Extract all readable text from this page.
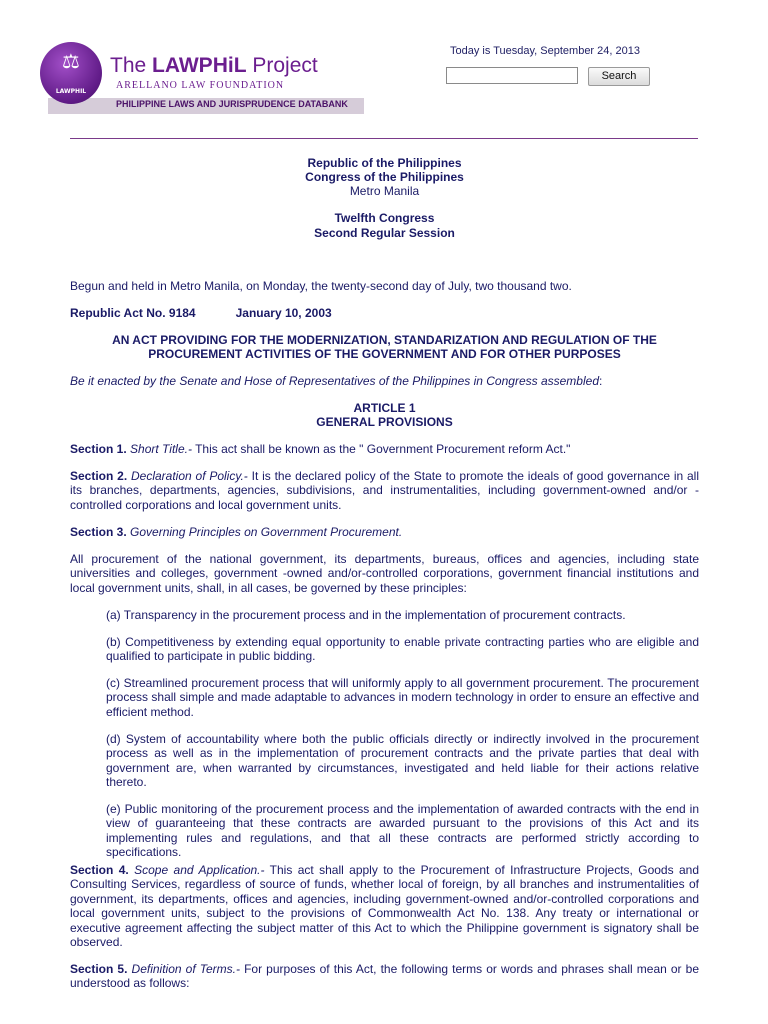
⚖
LAWPHIL
The LAWPHiL Project
ARELLANO LAW FOUNDATION
PHILIPPINE LAWS AND JURISPRUDENCE DATABANK
Today is Tuesday, September 24, 2013
Search

Republic of the Philippines

Congress of the Philippines

Metro Manila

Twelfth Congress

Second Regular Session

Begun and held in Metro Manila, on Monday, the twenty-second day of July, two thousand two.

Republic Act No. 9184	January 10, 2003

AN ACT PROVIDING FOR THE MODERNIZATION, STANDARIZATION AND REGULATION OF THE

PROCUREMENT ACTIVITIES OF THE GOVERNMENT AND FOR OTHER PURPOSES

Be it enacted by the Senate and Hose of Representatives of the Philippines in Congress assembled:

ARTICLE 1

GENERAL PROVISIONS

Section 1. Short Title.- This act shall be known as the " Government Procurement reform Act."

Section 2. Declaration of Policy.- It is the declared policy of the State to promote the ideals of good governance in all its branches, departments, agencies, subdivisions, and instrumentalities, including government-owned and/or -controlled corporations and local government units.

Section 3. Governing Principles on Government Procurement.

All procurement of the national government, its departments, bureaus, offices and agencies, including state universities and colleges, government -owned and/or-controlled corporations, government financial institutions and local government units, shall, in all cases, be governed by these principles:

(a) Transparency in the procurement process and in the implementation of procurement contracts.

(b) Competitiveness by extending equal opportunity to enable private contracting parties who are eligible and qualified to participate in public bidding.

(c) Streamlined procurement process that will uniformly apply to all government procurement. The procurement process shall simple and made adaptable to advances in modern technology in order to ensure an effective and efficient method.

(d) System of accountability where both the public officials directly or indirectly involved in the procurement process as well as in the implementation of procurement contracts and the private parties that deal with government are, when warranted by circumstances, investigated and held liable for their actions relative thereto.

(e) Public monitoring of the procurement process and the implementation of awarded contracts with the end in view of guaranteeing that these contracts are awarded pursuant to the provisions of this Act and its implementing rules and regulations, and that all these contracts are performed strictly according to specifications.

Section 4. Scope and Application.- This act shall apply to the Procurement of Infrastructure Projects, Goods and Consulting Services, regardless of source of funds, whether local of foreign, by all branches and instrumentalities of government, its departments, offices and agencies, including government-owned and/or-controlled corporations and local government units, subject to the provisions of Commonwealth Act No. 138. Any treaty or international or executive agreement affecting the subject matter of this Act to which the Philippine government is signatory shall be observed.

Section 5. Definition of Terms.- For purposes of this Act, the following terms or words and phrases shall mean or be understood as follows:
